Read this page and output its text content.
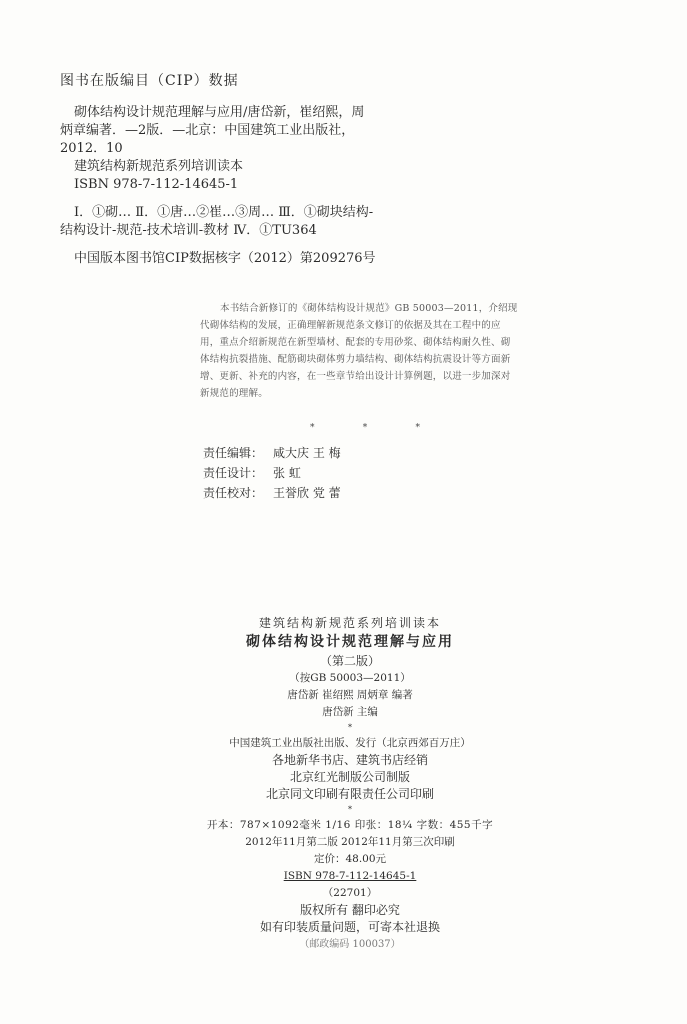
图书在版编目（CIP）数据
砌体结构设计规范理解与应用/唐岱新，崔绍熙，周
炳章编著．—2版．—北京：中国建筑工业出版社，
2012．10
建筑结构新规范系列培训读本
ISBN 978-7-112-14645-1
Ⅰ．①砌… Ⅱ．①唐…②崔…③周… Ⅲ．①砌块结构-
结构设计-规范-技术培训-教材 Ⅳ．①TU364
中国版本图书馆CIP数据核字（2012）第209276号
本书结合新修订的《砌体结构设计规范》GB 50003—2011，介绍现
代砌体结构的发展，正确理解新规范条文修订的依据及其在工程中的应
用，重点介绍新规范在新型墙材、配套的专用砂浆、砌体结构耐久性、砌
体结构抗裂措施、配筋砌块砌体剪力墙结构、砌体结构抗震设计等方面新
增、更新、补充的内容，在一些章节给出设计计算例题，以进一步加深对
新规范的理解。
*	*	*
责任编辑： 咸大庆 王 梅
责任设计： 张 虹
责任校对： 王誉欣 党 蕾
建筑结构新规范系列培训读本
砌体结构设计规范理解与应用
（第二版）
（按GB 50003—2011）
唐岱新 崔绍熙 周炳章 编著
唐岱新 主编
*
中国建筑工业出版社出版、发行（北京西郊百万庄）
各地新华书店、建筑书店经销
北京红光制版公司制版
北京同文印刷有限责任公司印刷
*
开本：787×1092毫米 1/16 印张：18¼ 字数：455千字
2012年11月第二版 2012年11月第三次印刷
定价：48.00元
ISBN 978-7-112-14645-1
（22701）
版权所有 翻印必究
如有印装质量问题，可寄本社退换
（邮政编码 100037）
